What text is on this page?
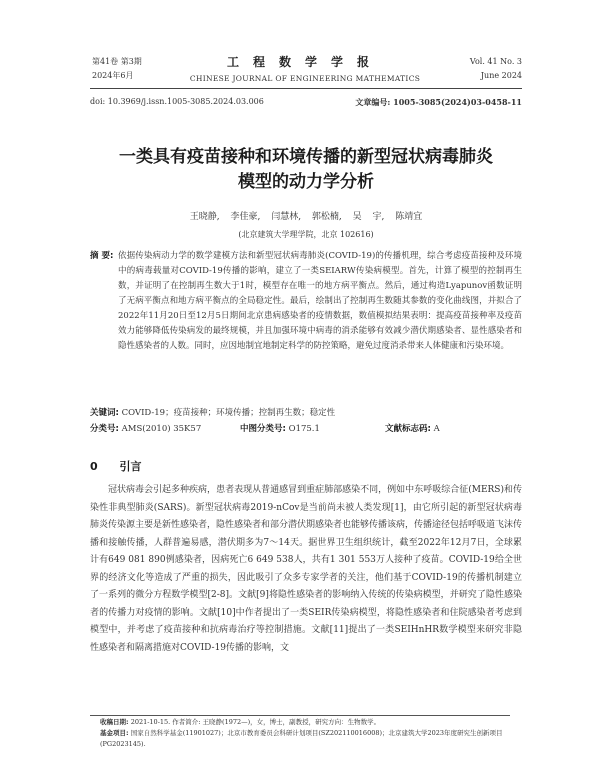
第41卷 第3期
2024年6月
工程数学学报
CHINESE JOURNAL OF ENGINEERING MATHEMATICS
Vol. 41 No. 3
June 2024
doi: 10.3969/j.issn.1005-3085.2024.03.006	文章编号: 1005-3085(2024)03-0458-11
一类具有疫苗接种和环境传播的新型冠状病毒肺炎
模型的动力学分析
王晓静, 李佳豪, 闫慧林, 郭松楠, 吴 宇, 陈靖宜
(北京建筑大学理学院，北京 102616)
摘 要: 依据传染病动力学的数学建模方法和新型冠状病毒肺炎(COVID-19)的传播机理，综合考虑疫苗接种及环境中的病毒载量对COVID-19传播的影响，建立了一类SEIARW传染病模型。首先，计算了模型的控制再生数，并证明了在控制再生数大于1时，模型存在唯一的地方病平衡点。然后，通过构造Lyapunov函数证明了无病平衡点和地方病平衡点的全局稳定性。最后，绘制出了控制再生数随其参数的变化曲线图，并拟合了2022年11月20日至12月5日期间北京患病感染者的疫情数据，数值模拟结果表明：提高疫苗接种率及疫苗效力能够降低传染病发的最终规模，并且加强环境中病毒的消杀能够有效减少潜伏期感染者、显性感染者和隐性感染者的人数。同时，应因地制宜地制定科学的防控策略，避免过度消杀带来人体健康和污染环境。
关键词: COVID-19；疫苗接种；环境传播；控制再生数；稳定性
分类号: AMS(2010) 35K57	中图分类号: O175.1	文献标志码: A
0 引言
冠状病毒会引起多种疾病，患者表现从普通感冒到重症肺部感染不同，例如中东呼吸综合征(MERS)和传染性非典型肺炎(SARS)。新型冠状病毒2019-nCov是当前尚未被人类发现[1]，由它所引起的新型冠状病毒肺炎传染源主要是新性感染者，隐性感染者和部分潜伏期感染者也能够传播该病，传播途径包括呼吸道飞沫传播和接触传播，人群普遍易感，潜伏期多为7～14天。据世界卫生组织统计，截至2022年12月7日，全球累计有649 081 890例感染者，因病死亡6 649 538人，共有1 301 553万人接种了疫苗。COVID-19给全世界的经济文化等造成了严重的损失，因此吸引了众多专家学者的关注，他们基于COVID-19的传播机制建立了一系列的微分方程数学模型[2-8]。文献[9]将隐性感染者的影响纳入传统的传染病模型，并研究了隐性感染者的传播力对疫情的影响。文献[10]中作者提出了一类SEIR传染病模型，将隐性感染者和住院感染者考虑到模型中，并考虑了疫苗接种和抗病毒治疗等控制措施。文献[11]提出了一类SEIHnHR数学模型来研究非隐性感染者和隔离措施对COVID-19传播的影响，文
收稿日期: 2021-10-15. 作者简介: 王晓静(1972—)，女，博士，副教授，研究方向：生物数学。
基金项目: 国家自然科学基金(11901027)；北京市教育委员会科研计划项目(SZ202110016008)；北京建筑大学2023年度研究生创新项目(PG2023145).
